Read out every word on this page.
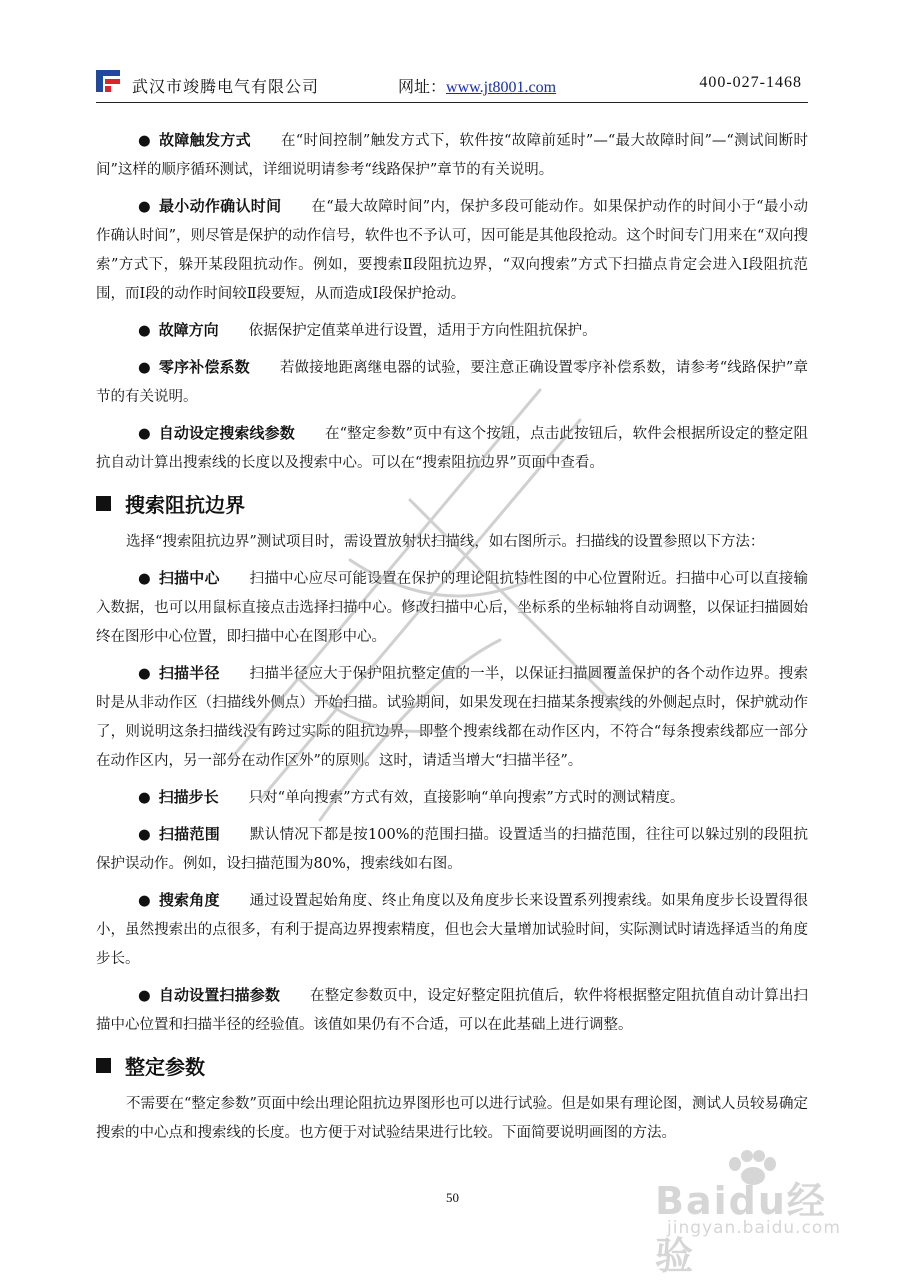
武汉市竣腾电气有限公司	网址：www.jt8001.com	400-027-1468

● 故障触发方式 在“时间控制”触发方式下，软件按“故障前延时”—“最大故障时间”—“测试间断时间”这样的顺序循环测试，详细说明请参考“线路保护”章节的有关说明。

● 最小动作确认时间 在“最大故障时间”内，保护多段可能动作。如果保护动作的时间小于“最小动作确认时间”，则尽管是保护的动作信号，软件也不予认可，因可能是其他段抢动。这个时间专门用来在“双向搜索”方式下，躲开某段阻抗动作。例如，要搜索Ⅱ段阻抗边界，“双向搜索”方式下扫描点肯定会进入Ⅰ段阻抗范围，而Ⅰ段的动作时间较Ⅱ段要短，从而造成Ⅰ段保护抢动。

● 故障方向 依据保护定值菜单进行设置，适用于方向性阻抗保护。

● 零序补偿系数 若做接地距离继电器的试验，要注意正确设置零序补偿系数，请参考“线路保护”章节的有关说明。

● 自动设定搜索线参数 在“整定参数”页中有这个按钮，点击此按钮后，软件会根据所设定的整定阻抗自动计算出搜索线的长度以及搜索中心。可以在“搜索阻抗边界”页面中查看。

搜索阻抗边界

选择“搜索阻抗边界”测试项目时，需设置放射状扫描线，如右图所示。扫描线的设置参照以下方法：

● 扫描中心 扫描中心应尽可能设置在保护的理论阻抗特性图的中心位置附近。扫描中心可以直接输入数据，也可以用鼠标直接点击选择扫描中心。修改扫描中心后，坐标系的坐标轴将自动调整，以保证扫描圆始终在图形中心位置，即扫描中心在图形中心。

● 扫描半径 扫描半径应大于保护阻抗整定值的一半，以保证扫描圆覆盖保护的各个动作边界。搜索时是从非动作区（扫描线外侧点）开始扫描。试验期间，如果发现在扫描某条搜索线的外侧起点时，保护就动作了，则说明这条扫描线没有跨过实际的阻抗边界，即整个搜索线都在动作区内，不符合“每条搜索线都应一部分在动作区内，另一部分在动作区外”的原则。这时，请适当增大“扫描半径”。

● 扫描步长 只对“单向搜索”方式有效，直接影响“单向搜索”方式时的测试精度。

● 扫描范围 默认情况下都是按100%的范围扫描。设置适当的扫描范围，往往可以躲过别的段阻抗保护误动作。例如，设扫描范围为80%，搜索线如右图。

● 搜索角度 通过设置起始角度、终止角度以及角度步长来设置系列搜索线。如果角度步长设置得很小，虽然搜索出的点很多，有利于提高边界搜索精度，但也会大量增加试验时间，实际测试时请选择适当的角度步长。

● 自动设置扫描参数 在整定参数页中，设定好整定阻抗值后，软件将根据整定阻抗值自动计算出扫描中心位置和扫描半径的经验值。该值如果仍有不合适，可以在此基础上进行调整。

整定参数

不需要在“整定参数”页面中绘出理论阻抗边界图形也可以进行试验。但是如果有理论图，测试人员较易确定搜索的中心点和搜索线的长度。也方便于对试验结果进行比较。下面简要说明画图的方法。

50	Baidu经验
jingyan.baidu.com
